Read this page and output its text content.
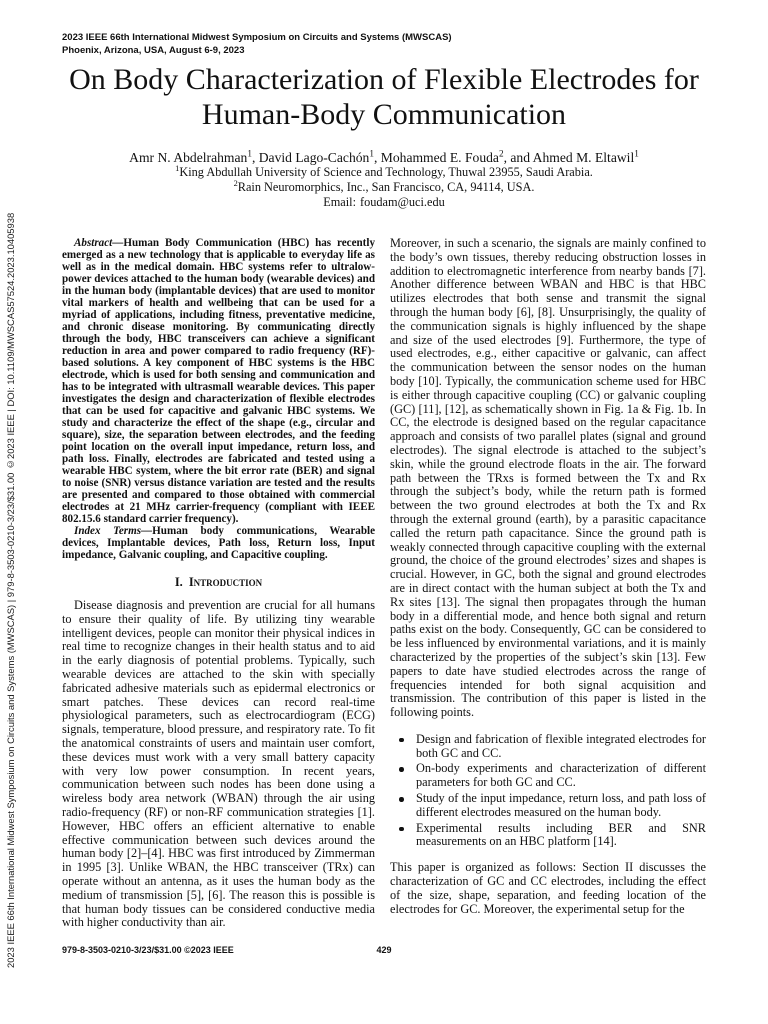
2023 IEEE 66th International Midwest Symposium on Circuits and Systems (MWSCAS) | 979-8-3503-0210-3/23/$31.00 ©2023 IEEE | DOI: 10.1109/MWSCAS57524.2023.10405938
2023 IEEE 66th International Midwest Symposium on Circuits and Systems (MWSCAS)
Phoenix, Arizona, USA, August 6-9, 2023
On Body Characterization of Flexible Electrodes for
Human-Body Communication
Amr N. Abdelrahman$^1$, David Lago-Cachón$^1$, Mohammed E. Fouda$^2$, and Ahmed M. Eltawil$^1$
$^1$King Abdullah University of Science and Technology, Thuwal 23955, Saudi Arabia.
$^2$Rain Neuromorphics, Inc., San Francisco, CA, 94114, USA.
Email: foudam@uci.edu

Abstract—Human Body Communication (HBC) has recently emerged as a new technology that is applicable to everyday life as well as in the medical domain. HBC systems refer to ultralow-power devices attached to the human body (wearable devices) and in the human body (implantable devices) that are used to monitor vital markers of health and wellbeing that can be used for a myriad of applications, including fitness, preventative medicine, and chronic disease monitoring. By communicating directly through the body, HBC transceivers can achieve a significant reduction in area and power compared to radio frequency (RF)-based solutions. A key component of HBC systems is the HBC electrode, which is used for both sensing and communication and has to be integrated with ultrasmall wearable devices. This paper investigates the design and characterization of flexible electrodes that can be used for capacitive and galvanic HBC systems. We study and characterize the effect of the shape (e.g., circular and square), size, the separation between electrodes, and the feeding point location on the overall input impedance, return loss, and path loss. Finally, electrodes are fabricated and tested using a wearable HBC system, where the bit error rate (BER) and signal to noise (SNR) versus distance variation are tested and the results are presented and compared to those obtained with commercial electrodes at 21 MHz carrier-frequency (compliant with IEEE 802.15.6 standard carrier frequency).

Index Terms—Human body communications, Wearable devices, Implantable devices, Path loss, Return loss, Input impedance, Galvanic coupling, and Capacitive coupling.

I. Introduction

Disease diagnosis and prevention are crucial for all humans to ensure their quality of life. By utilizing tiny wearable intelligent devices, people can monitor their physical indices in real time to recognize changes in their health status and to aid in the early diagnosis of potential problems. Typically, such wearable devices are attached to the skin with specially fabricated adhesive materials such as epidermal electronics or smart patches. These devices can record real-time physiological parameters, such as electrocardiogram (ECG) signals, temperature, blood pressure, and respiratory rate. To fit the anatomical constraints of users and maintain user comfort, these devices must work with a very small battery capacity with very low power consumption. In recent years, communication between such nodes has been done using a wireless body area network (WBAN) through the air using radio-frequency (RF) or non-RF communication strategies [1]. However, HBC offers an efficient alternative to enable effective communication between such devices around the human body [2]–[4]. HBC was first introduced by Zimmerman in 1995 [3]. Unlike WBAN, the HBC transceiver (TRx) can operate without an antenna, as it uses the human body as the medium of transmission [5], [6]. The reason this is possible is that human body tissues can be considered conductive media with higher conductivity than air.

Moreover, in such a scenario, the signals are mainly confined to the body’s own tissues, thereby reducing obstruction losses in addition to electromagnetic interference from nearby bands [7]. Another difference between WBAN and HBC is that HBC utilizes electrodes that both sense and transmit the signal through the human body [6], [8]. Unsurprisingly, the quality of the communication signals is highly influenced by the shape and size of the used electrodes [9]. Furthermore, the type of used electrodes, e.g., either capacitive or galvanic, can affect the communication between the sensor nodes on the human body [10]. Typically, the communication scheme used for HBC is either through capacitive coupling (CC) or galvanic coupling (GC) [11], [12], as schematically shown in Fig. 1a & Fig. 1b. In CC, the electrode is designed based on the regular capacitance approach and consists of two parallel plates (signal and ground electrodes). The signal electrode is attached to the subject’s skin, while the ground electrode floats in the air. The forward path between the TRxs is formed between the Tx and Rx through the subject’s body, while the return path is formed between the two ground electrodes at both the Tx and Rx through the external ground (earth), by a parasitic capacitance called the return path capacitance. Since the ground path is weakly connected through capacitive coupling with the external ground, the choice of the ground electrodes’ sizes and shapes is crucial. However, in GC, both the signal and ground electrodes are in direct contact with the human subject at both the Tx and Rx sites [13]. The signal then propagates through the human body in a differential mode, and hence both signal and return paths exist on the body. Consequently, GC can be considered to be less influenced by environmental variations, and it is mainly characterized by the properties of the subject’s skin [13]. Few papers to date have studied electrodes across the range of frequencies intended for both signal acquisition and transmission. The contribution of this paper is listed in the following points.

Design and fabrication of flexible integrated electrodes for both GC and CC.
On-body experiments and characterization of different parameters for both GC and CC.
Study of the input impedance, return loss, and path loss of different electrodes measured on the human body.
Experimental results including BER and SNR measurements on an HBC platform [14].

This paper is organized as follows: Section II discusses the characterization of GC and CC electrodes, including the effect of the size, shape, separation, and feeding location of the electrodes for GC. Moreover, the experimental setup for the

979-8-3503-0210-3/23/$31.00 ©2023 IEEE	429
